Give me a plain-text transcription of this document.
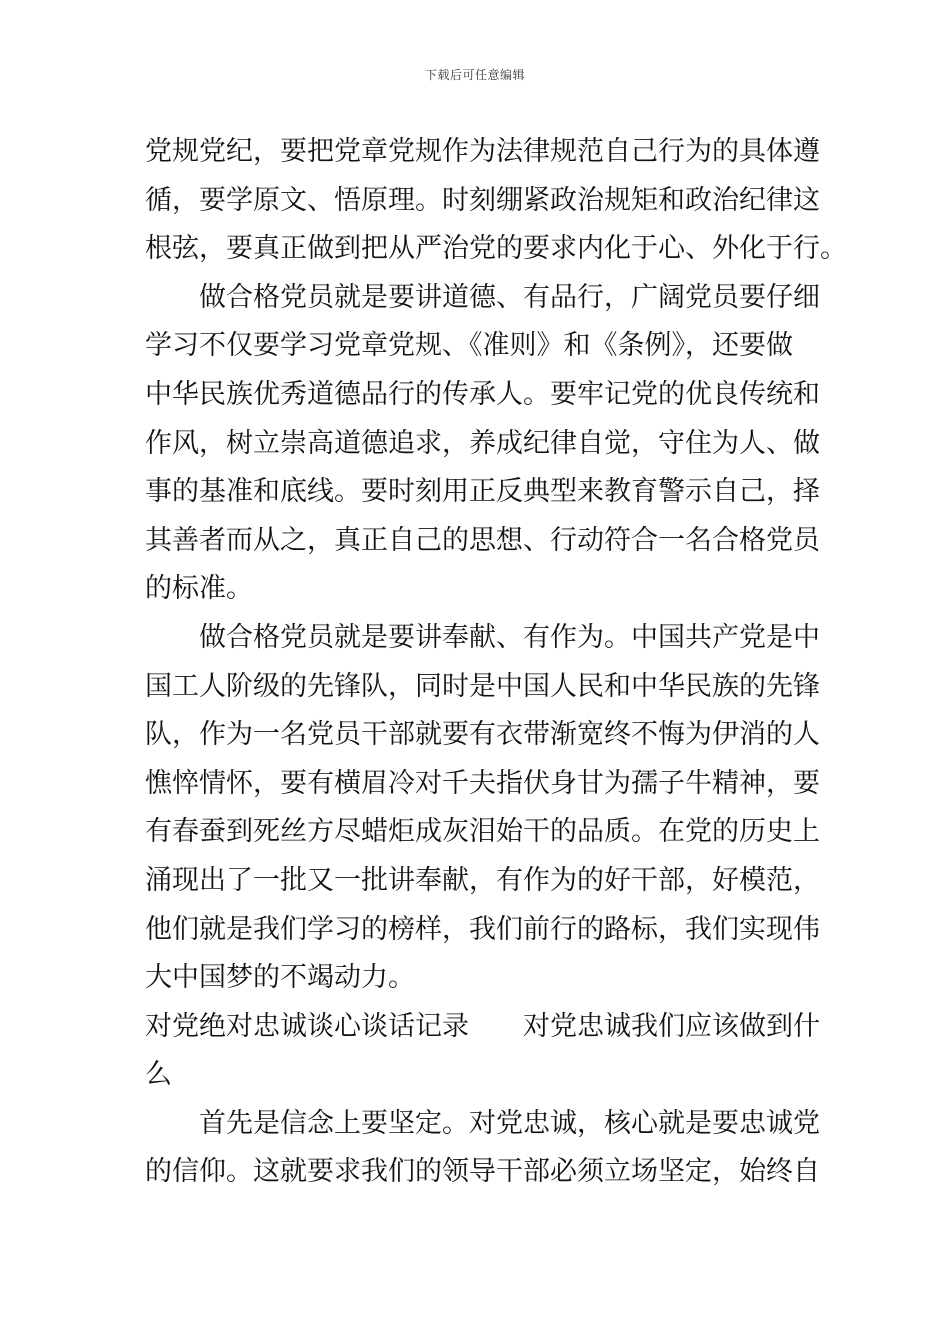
下载后可任意编辑
党规党纪，要把党章党规作为法律规范自己行为的具体遵
循，要学原文、悟原理。时刻绷紧政治规矩和政治纪律这
根弦，要真正做到把从严治党的要求内化于心、外化于行。
做合格党员就是要讲道德、有品行，广阔党员要仔细
学习不仅要学习党章党规、《准则》和《条例》，还要做
中华民族优秀道德品行的传承人。要牢记党的优良传统和
作风，树立崇高道德追求，养成纪律自觉，守住为人、做
事的基准和底线。要时刻用正反典型来教育警示自己，择
其善者而从之，真正自己的思想、行动符合一名合格党员
的标准。
做合格党员就是要讲奉献、有作为。中国共产党是中
国工人阶级的先锋队，同时是中国人民和中华民族的先锋
队，作为一名党员干部就要有衣带渐宽终不悔为伊消的人
憔悴情怀，要有横眉冷对千夫指伏身甘为孺子牛精神，要
有春蚕到死丝方尽蜡炬成灰泪始干的品质。在党的历史上
涌现出了一批又一批讲奉献，有作为的好干部，好模范，
他们就是我们学习的榜样，我们前行的路标，我们实现伟
大中国梦的不竭动力。
对党绝对忠诚谈心谈话记录 对党忠诚我们应该做到什
么
首先是信念上要坚定。对党忠诚，核心就是要忠诚党
的信仰。这就要求我们的领导干部必须立场坚定，始终自
